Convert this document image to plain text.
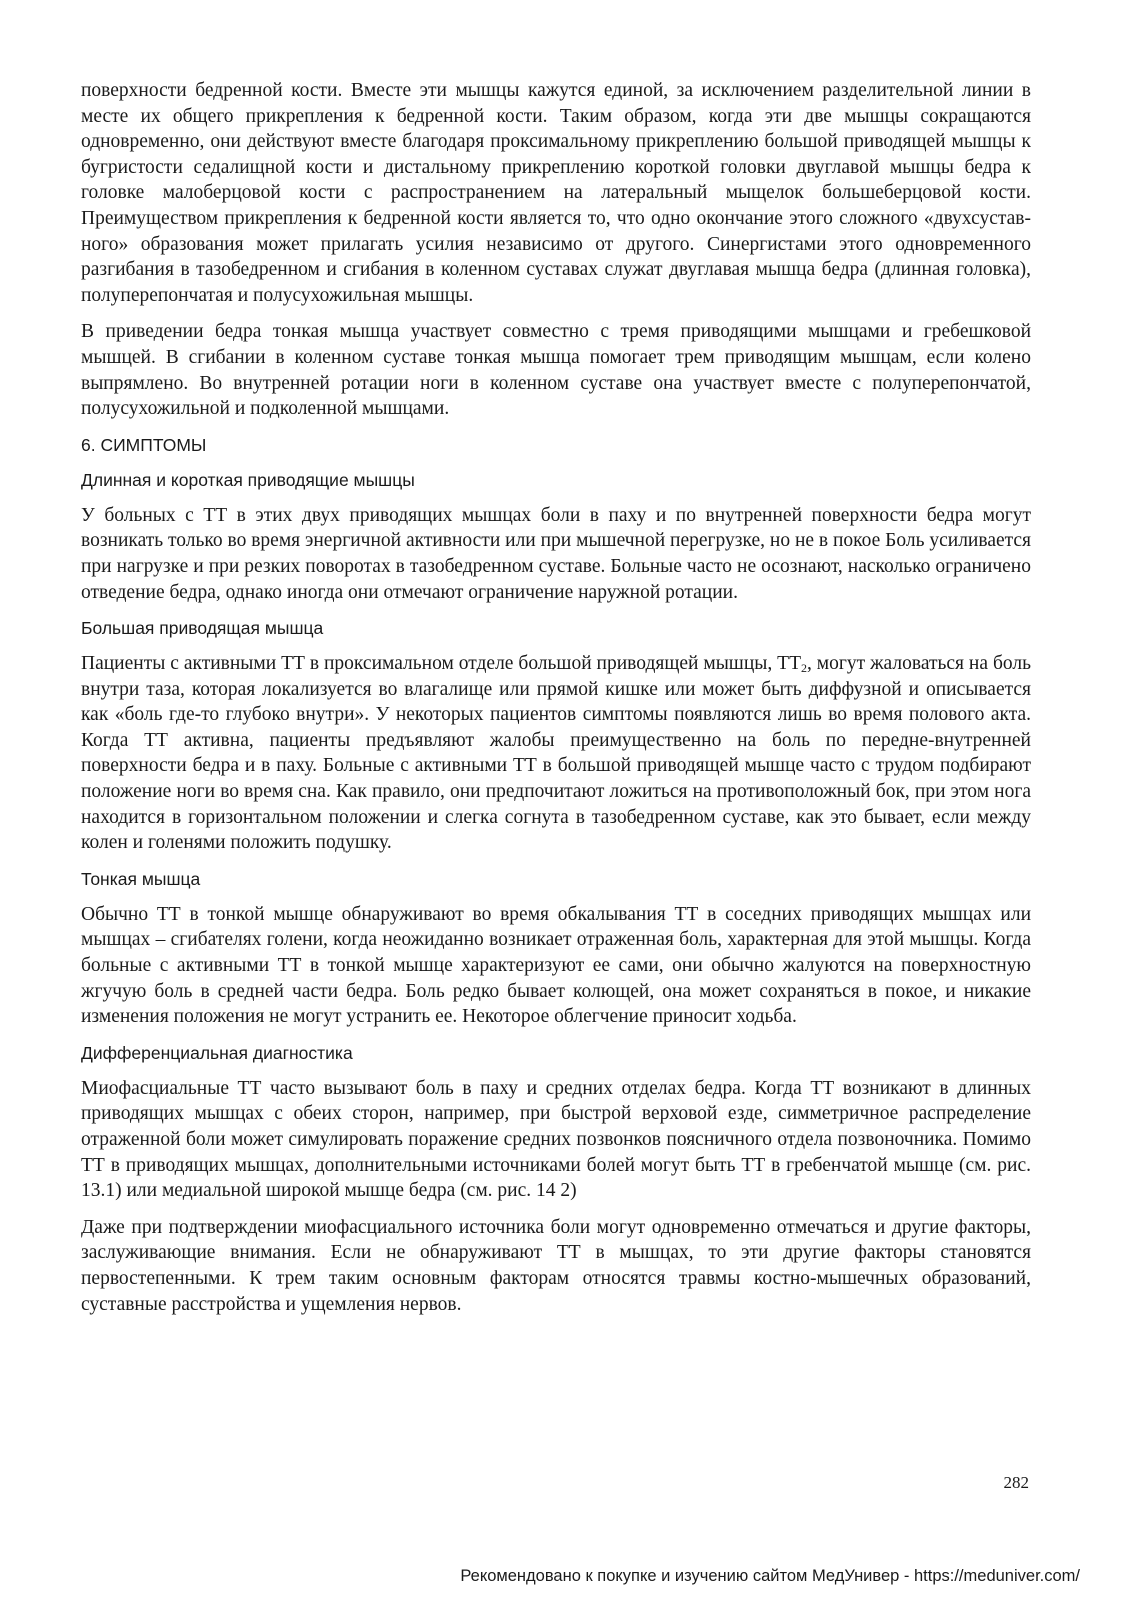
поверхности бедренной кости. Вместе эти мышцы кажутся единой, за исключением разделительной линии в месте их общего прикрепления к бедренной кости. Таким образом, когда эти две мышцы сокращаются одновременно, они действуют вместе благодаря проксимальному прикреплению большой приводящей мышцы к бугристости седалищной кости и дистальному прикреплению короткой головки двуглавой мышцы бедра к головке малоберцовой кости с распространением на латеральный мыщелок большеберцовой кости. Преимуществом прикрепления к бедренной кости является то, что одно окончание этого сложного «двухсустав-ного» образования может прилагать усилия независимо от другого. Синергистами этого одновременного разгибания в тазобедренном и сгибания в коленном суставах служат двуглавая мышца бедра (длинная головка), полуперепончатая и полусухожильная мышцы.

В приведении бедра тонкая мышца участвует совместно с тремя приводящими мышцами и гребешковой мышцей. В сгибании в коленном суставе тонкая мышца помогает трем приводящим мышцам, если колено выпрямлено. Во внутренней ротации ноги в коленном суставе она участвует вместе с полуперепончатой, полусухожильной и подколенной мышцами.

6. СИМПТОМЫ
Длинная и короткая приводящие мышцы

У больных с ТТ в этих двух приводящих мышцах боли в паху и по внутренней поверхности бедра могут возникать только во время энергичной активности или при мышечной перегрузке, но не в покое Боль усиливается при нагрузке и при резких поворотах в тазобедренном суставе. Больные часто не осознают, насколько ограничено отведение бедра, однако иногда они отмечают ограничение наружной ротации.

Большая приводящая мышца

Пациенты с активными ТТ в проксимальном отделе большой приводящей мышцы, $ТТ_2$, могут жаловаться на боль внутри таза, которая локализуется во влагалище или прямой кишке или может быть диффузной и описывается как «боль где-то глубоко внутри». У некоторых пациентов симптомы появляются лишь во время полового акта. Когда ТТ активна, пациенты предъявляют жалобы преимущественно на боль по передне-внутренней поверхности бедра и в паху. Больные с активными ТТ в большой приводящей мышце часто с трудом подбирают положение ноги во время сна. Как правило, они предпочитают ложиться на противоположный бок, при этом нога находится в горизонтальном положении и слегка согнута в тазобедренном суставе, как это бывает, если между колен и голенями положить подушку.

Тонкая мышца

Обычно ТТ в тонкой мышце обнаруживают во время обкалывания ТТ в соседних приводящих мышцах или мышцах – сгибателях голени, когда неожиданно возникает отраженная боль, характерная для этой мышцы. Когда больные с активными ТТ в тонкой мышце характеризуют ее сами, они обычно жалуются на поверхностную жгучую боль в средней части бедра. Боль редко бывает колющей, она может сохраняться в покое, и никакие изменения положения не могут устранить ее. Некоторое облегчение приносит ходьба.

Дифференциальная диагностика

Миофасциальные ТТ часто вызывают боль в паху и средних отделах бедра. Когда ТТ возникают в длинных приводящих мышцах с обеих сторон, например, при быстрой верховой езде, симметричное распределение отраженной боли может симулировать поражение средних позвонков поясничного отдела позвоночника. Помимо ТТ в приводящих мышцах, дополнительными источниками болей могут быть ТТ в гребенчатой мышце (см. рис. 13.1) или медиальной широкой мышце бедра (см. рис. 14 2)

Даже при подтверждении миофасциального источника боли могут одновременно отмечаться и другие факторы, заслуживающие внимания. Если не обнаруживают ТТ в мышцах, то эти другие факторы становятся первостепенными. К трем таким основным факторам относятся травмы костно-мышечных образований, суставные расстройства и ущемления нервов.

282
Рекомендовано к покупке и изучению сайтом МедУнивер - https://meduniver.com/
